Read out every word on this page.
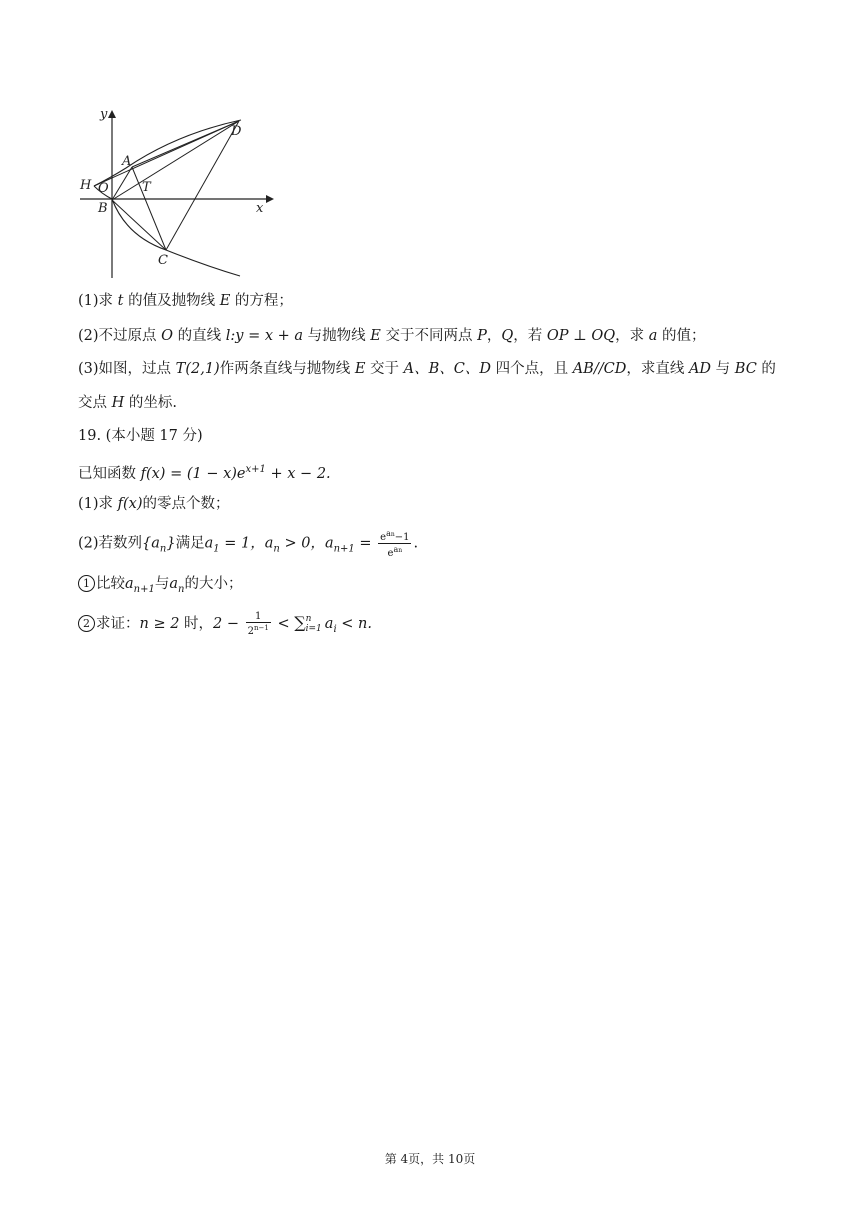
y
x
D
A
T
H O
B
C
(1)求 t 的值及抛物线 E 的方程；
(2)不过原点 O 的直线 l:y = x + a 与抛物线 E 交于不同两点 P，Q，若 OP ⊥ OQ，求 a 的值；
(3)如图，过点 T(2,1)作两条直线与抛物线 E 交于 A、B、C、D 四个点，且 AB//CD，求直线 AD 与 BC 的
交点 H 的坐标.
19. (本小题 17 分)
已知函数 $f(x) = (1 - x)e^{x+1} + x - 2$.
(1)求 f(x)的零点个数；
(2)若数列$\{a_n\}$满足$a_1 = 1$，$a_n > 0$，$a_{n+1} = \frac{e^{an}-1}{e^{an}}$ .
1 比较$a_{n+1}$与$a_n$的大小；
2 求证：n ≥ 2 时，$2 - \frac{1}{2^{n-1}}$ < ∑ n
i=1 $a_i < n$.
第 4页，共 10页
